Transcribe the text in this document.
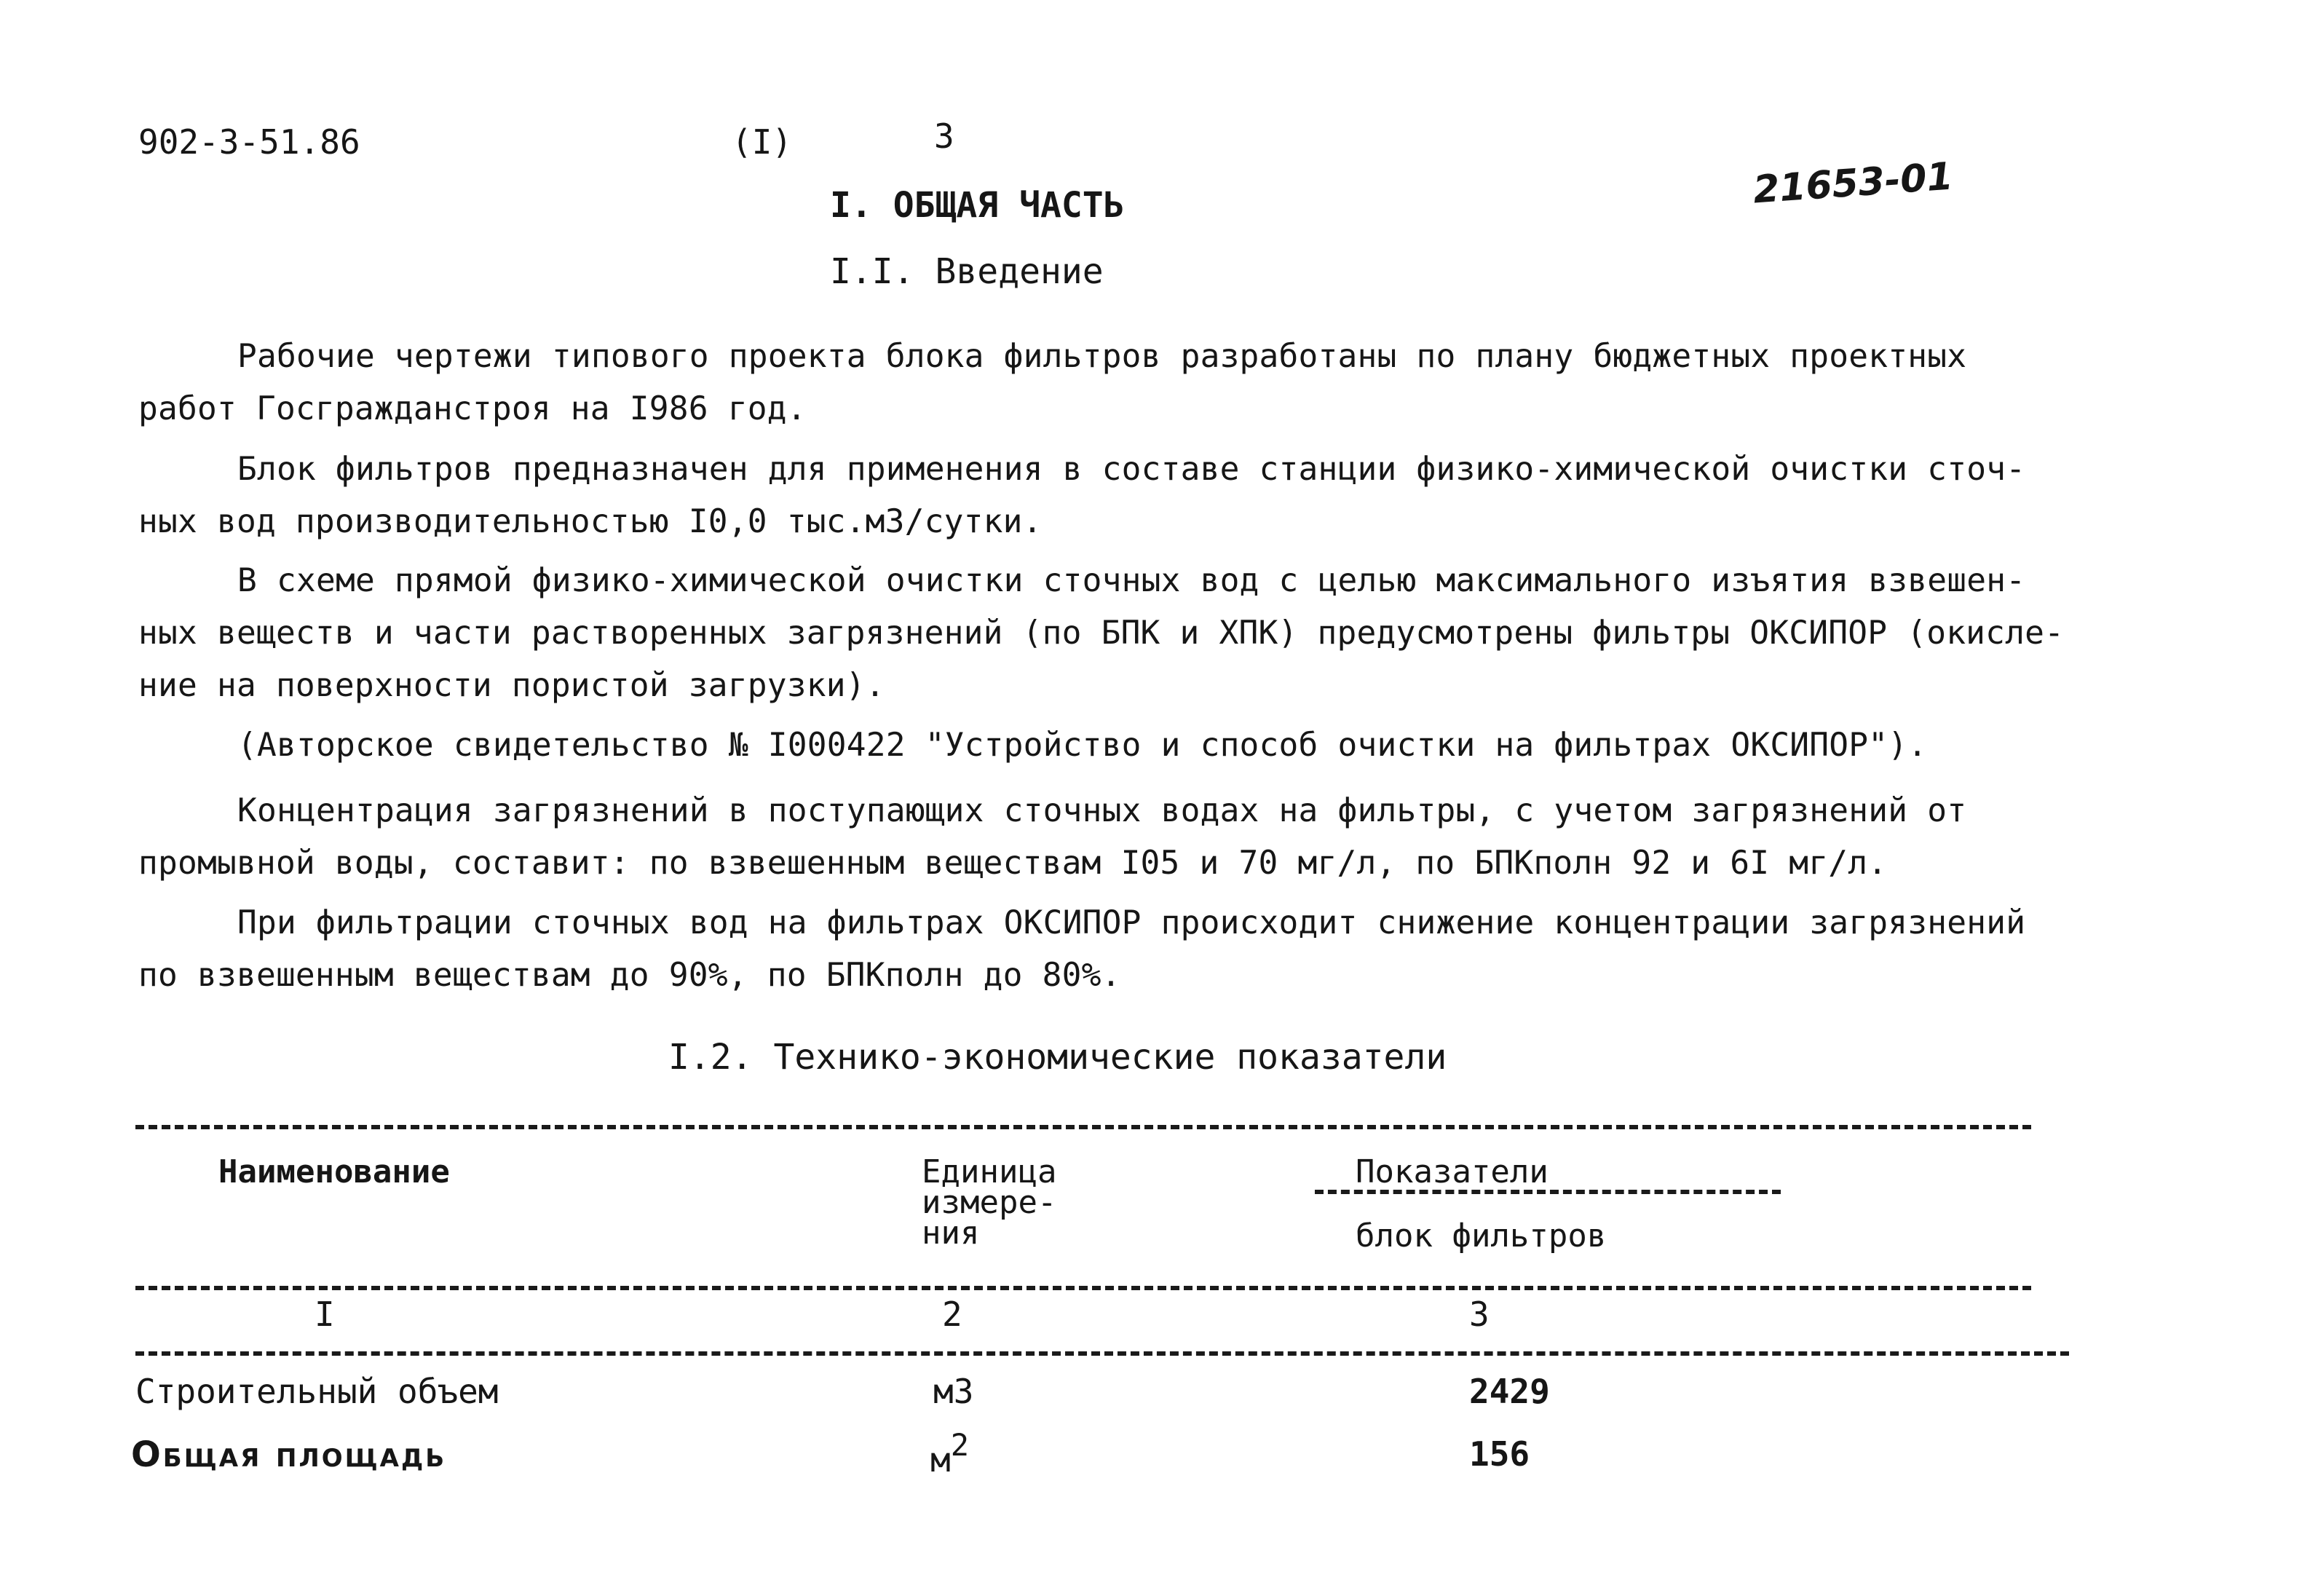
902-3-51.86	(I)	3
21653-01
I. ОБЩАЯ ЧАСТЬ
I.I. Введение
Рабочие чертежи типового проекта блока фильтров разработаны по плану бюджетных проектных
работ Госгражданстроя на I986 год.
Блок фильтров предназначен для применения в составе станции физико-химической очистки сточ-
ных вод производительностью I0,0 тыс.м3/сутки.
В схеме прямой физико-химической очистки сточных вод с целью максимального изъятия взвешен-
ных веществ и части растворенных загрязнений (по БПК и ХПК) предусмотрены фильтры ОКСИПОР (окисле-
ние на поверхности пористой загрузки).
(Авторское свидетельство № I000422 "Устройство и способ очистки на фильтрах ОКСИПОР").
Концентрация загрязнений в поступающих сточных водах на фильтры, с учетом загрязнений от
промывной воды, составит: по взвешенным веществам I05 и 70 мг/л, по БПКполн 92 и 6I мг/л.
При фильтрации сточных вод на фильтрах ОКСИПОР происходит снижение концентрации загрязнений
по взвешенным веществам до 90%, по БПКполн до 80%.
I.2. Технико-экономические показатели
Наименование	Единица
измере-
ния
Показатели
блок фильтров
I	2	3
Строительный объем	м3	2429
Общая площадь	м2	156
